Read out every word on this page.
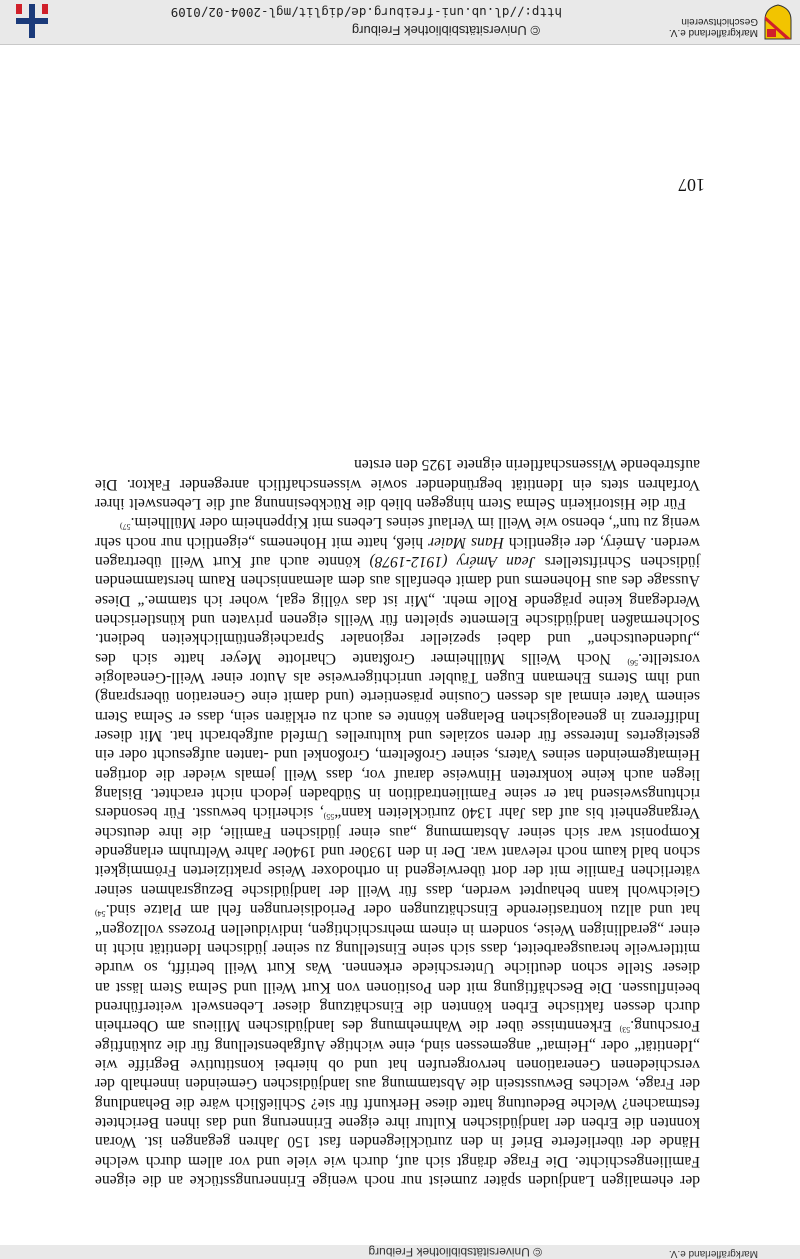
Markgräflerland e.V.
© Universitätsbibliothek Freiburg

der ehemaligen Landjuden später zumeist nur noch wenige Erinnerungsstücke an die eigene Familiengeschichte. Die Frage drängt sich auf, durch wie viele und vor allem durch welche Hände der überlieferte Brief in den zurückliegenden fast 150 Jahren gegangen ist. Woran konnten die Erben der landjüdischen Kultur ihre eigene Erinnerung und das ihnen Berichtete festmachen? Welche Bedeutung hatte diese Herkunft für sie? Schließlich wäre die Behandlung der Frage, welches Bewusstsein die Abstammung aus landjüdischen Gemeinden innerhalb der verschiedenen Generationen hervorgerufen hat und ob hierbei konstitutive Begriffe wie „Identität“ oder „Heimat“ angemessen sind, eine wichtige Aufgabenstellung für die zukünftige Forschung.$^{53)}$ Erkenntnisse über die Wahrnehmung des landjüdischen Milieus am Oberrhein durch dessen faktische Erben könnten die Einschätzung dieser Lebenswelt weiterführend beeinflussen. Die Beschäftigung mit den Positionen von Kurt Weill und Selma Stern lässt an dieser Stelle schon deutliche Unterschiede erkennen. Was Kurt Weill betrifft, so wurde mittlerweile herausgearbeitet, dass sich seine Einstellung zu seiner jüdischen Identität nicht in einer „geradlinigen Weise, sondern in einem mehrschichtigen, individuellen Prozess vollzogen“ hat und allzu kontrastierende Einschätzungen oder Periodisierungen fehl am Platze sind.$^{54)}$ Gleichwohl kann behauptet werden, dass für Weill der landjüdische Bezugsrahmen seiner väterlichen Familie mit der dort überwiegend in orthodoxer Weise praktizierten Frömmigkeit schon bald kaum noch relevant war. Der in den 1930er und 1940er Jahre Weltruhm erlangende Komponist war sich seiner Abstammung „aus einer jüdischen Familie, die ihre deutsche Vergangenheit bis auf das Jahr 1340 zurückleiten kann“$^{55)}$, sicherlich bewusst. Für besonders richtungsweisend hat er seine Familientradition in Südbaden jedoch nicht erachtet. Bislang liegen auch keine konkreten Hinweise darauf vor, dass Weill jemals wieder die dortigen Heimatgemeinden seines Vaters, seiner Großeltern, Großonkel und -tanten aufgesucht oder ein gesteigertes Interesse für deren soziales und kulturelles Umfeld aufgebracht hat. Mit dieser Indifferenz in genealogischen Belangen könnte es auch zu erklären sein, dass er Selma Stern seinem Vater einmal als dessen Cousine präsentierte (und damit eine Generation übersprang) und ihm Sterns Ehemann Eugen Täubler unrichtigerweise als Autor einer Weill-Genealogie vorstellte.$^{56)}$ Noch Weills Müllheimer Großtante Charlotte Meyer hatte sich des „Judendeutschen“ und dabei spezieller regionaler Spracheigentümlichkeiten bedient. Solchermaßen landjüdische Elemente spielten für Weills eigenen privaten und künstlerischen Werdegang keine prägende Rolle mehr. „Mir ist das völlig egal, woher ich stamme.“ Diese Aussage des aus Hohenems und damit ebenfalls aus dem alemannischen Raum herstammenden jüdischen Schriftstellers Jean Améry (1912-1978) könnte auch auf Kurt Weill übertragen werden. Améry, der eigentlich Hans Maier hieß, hatte mit Hohenems „eigentlich nur noch sehr wenig zu tun“, ebenso wie Weill im Verlauf seines Lebens mit Kippenheim oder Müllheim.$^{57)}$

Für die Historikerin Selma Stern hingegen blieb die Rückbesinnung auf die Lebenswelt ihrer Vorfahren stets ein Identität begründender sowie wissenschaftlich anregender Faktor. Die aufstrebende Wissenschaftlerin eignete 1925 den ersten

107
Markgräflerland e.V.
Geschichtsverein
© Universitätsbibliothek Freiburg
http://dl.ub.uni-freiburg.de/diglit/mgl-2004-02/0109
